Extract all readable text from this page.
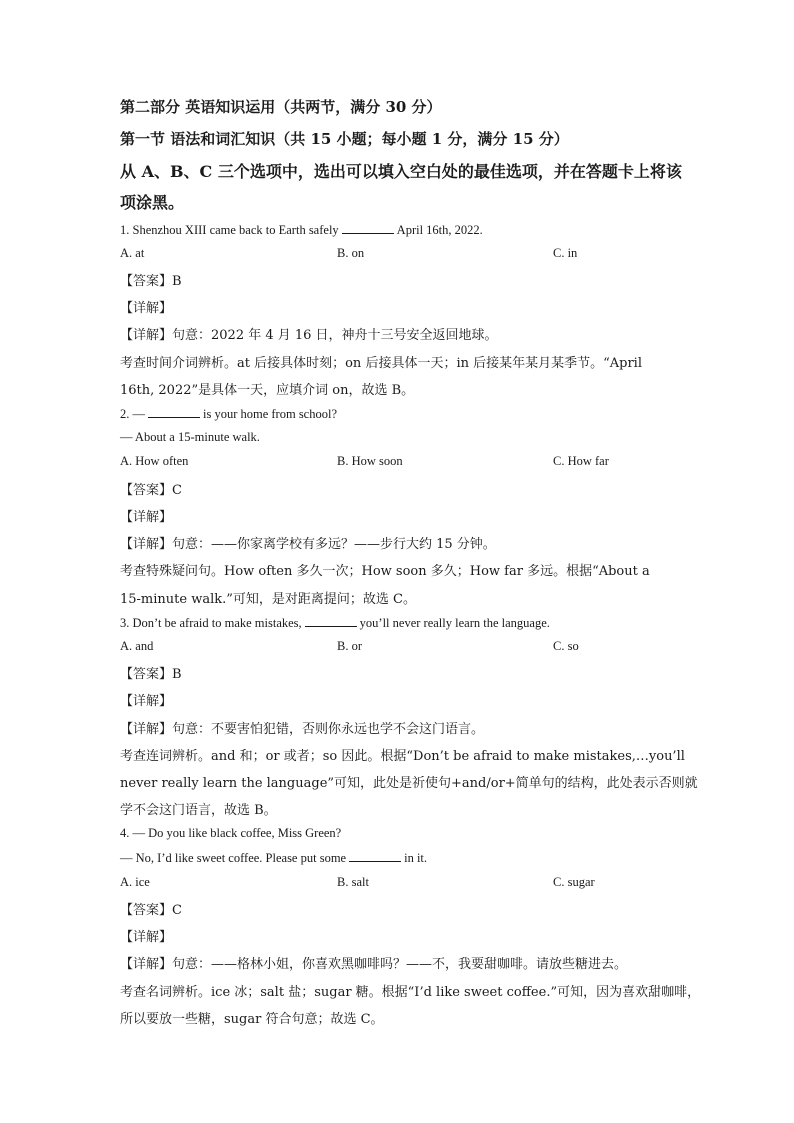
第二部分 英语知识运用（共两节，满分 30 分）
第一节 语法和词汇知识（共 15 小题；每小题 1 分，满分 15 分）
从 A、B、C 三个选项中，选出可以填入空白处的最佳选项，并在答题卡上将该
项涂黑。
1. Shenzhou XIII came back to Earth safely	April 16th, 2022.
A. at	B. on	C. in
【答案】B
【详解】
【详解】句意：2022 年 4 月 16 日，神舟十三号安全返回地球。
考查时间介词辨析。at 后接具体时刻；on 后接具体一天；in 后接某年某月某季节。“April
16th, 2022”是具体一天，应填介词 on，故选 B。
2. —	is your home from school?
— About a 15-minute walk.
A. How often	B. How soon	C. How far
【答案】C
【详解】
【详解】句意：——你家离学校有多远？——步行大约 15 分钟。
考查特殊疑问句。How often 多久一次；How soon 多久；How far 多远。根据“About a
15-minute walk.”可知，是对距离提问；故选 C。
3. Don’t be afraid to make mistakes,	you’ll never really learn the language.
A. and	B. or	C. so
【答案】B
【详解】
【详解】句意：不要害怕犯错，否则你永远也学不会这门语言。
考查连词辨析。and 和；or 或者；so 因此。根据“Don’t be afraid to make mistakes,…you’ll
never really learn the language”可知，此处是祈使句+and/or+简单句的结构，此处表示否则就
学不会这门语言，故选 B。
4. — Do you like black coffee, Miss Green?
— No, I’d like sweet coffee. Please put some	in it.
A. ice	B. salt	C. sugar
【答案】C
【详解】
【详解】句意：——格林小姐，你喜欢黑咖啡吗？——不，我要甜咖啡。请放些糖进去。
考查名词辨析。ice 冰；salt 盐；sugar 糖。根据“I’d like sweet coffee.”可知，因为喜欢甜咖啡，
所以要放一些糖，sugar 符合句意；故选 C。
